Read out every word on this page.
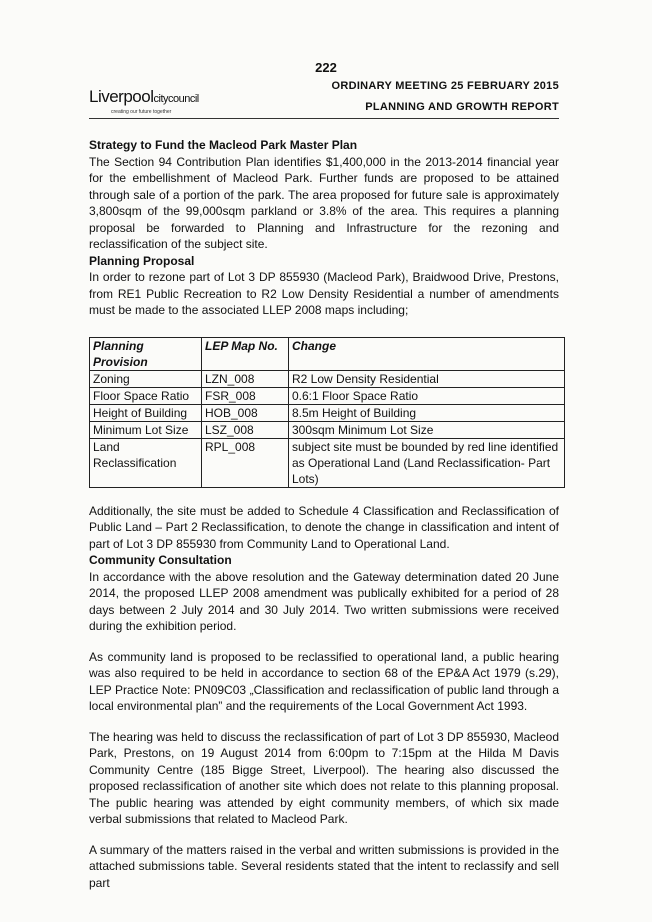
222
Liverpoolcitycouncil
creating our future together
ORDINARY MEETING 25 FEBRUARY 2015
PLANNING AND GROWTH REPORT
Strategy to Fund the Macleod Park Master Plan

The Section 94 Contribution Plan identifies $1,400,000 in the 2013-2014 financial year for the embellishment of Macleod Park. Further funds are proposed to be attained through sale of a portion of the park. The area proposed for future sale is approximately 3,800sqm of the 99,000sqm parkland or 3.8% of the area. This requires a planning proposal be forwarded to Planning and Infrastructure for the rezoning and reclassification of the subject site.

Planning Proposal

In order to rezone part of Lot 3 DP 855930 (Macleod Park), Braidwood Drive, Prestons, from RE1 Public Recreation to R2 Low Density Residential a number of amendments must be made to the associated LLEP 2008 maps including;

Planning Provision	LEP Map No.	Change
Zoning	LZN_008	R2 Low Density Residential
Floor Space Ratio	FSR_008	0.6:1 Floor Space Ratio
Height of Building	HOB_008	8.5m Height of Building
Minimum Lot Size	LSZ_008	300sqm Minimum Lot Size
Land Reclassification	RPL_008	subject site must be bounded by red line identified as Operational Land (Land Reclassification- Part Lots)

Additionally, the site must be added to Schedule 4 Classification and Reclassification of Public Land – Part 2 Reclassification, to denote the change in classification and intent of part of Lot 3 DP 855930 from Community Land to Operational Land.

Community Consultation

In accordance with the above resolution and the Gateway determination dated 20 June 2014, the proposed LLEP 2008 amendment was publically exhibited for a period of 28 days between 2 July 2014 and 30 July 2014. Two written submissions were received during the exhibition period.

As community land is proposed to be reclassified to operational land, a public hearing was also required to be held in accordance to section 68 of the EP&A Act 1979 (s.29), LEP Practice Note: PN09C03 „Classification and reclassification of public land through a local environmental plan” and the requirements of the Local Government Act 1993.

The hearing was held to discuss the reclassification of part of Lot 3 DP 855930, Macleod Park, Prestons, on 19 August 2014 from 6:00pm to 7:15pm at the Hilda M Davis Community Centre (185 Bigge Street, Liverpool). The hearing also discussed the proposed reclassification of another site which does not relate to this planning proposal. The public hearing was attended by eight community members, of which six made verbal submissions that related to Macleod Park.

A summary of the matters raised in the verbal and written submissions is provided in the attached submissions table. Several residents stated that the intent to reclassify and sell part
